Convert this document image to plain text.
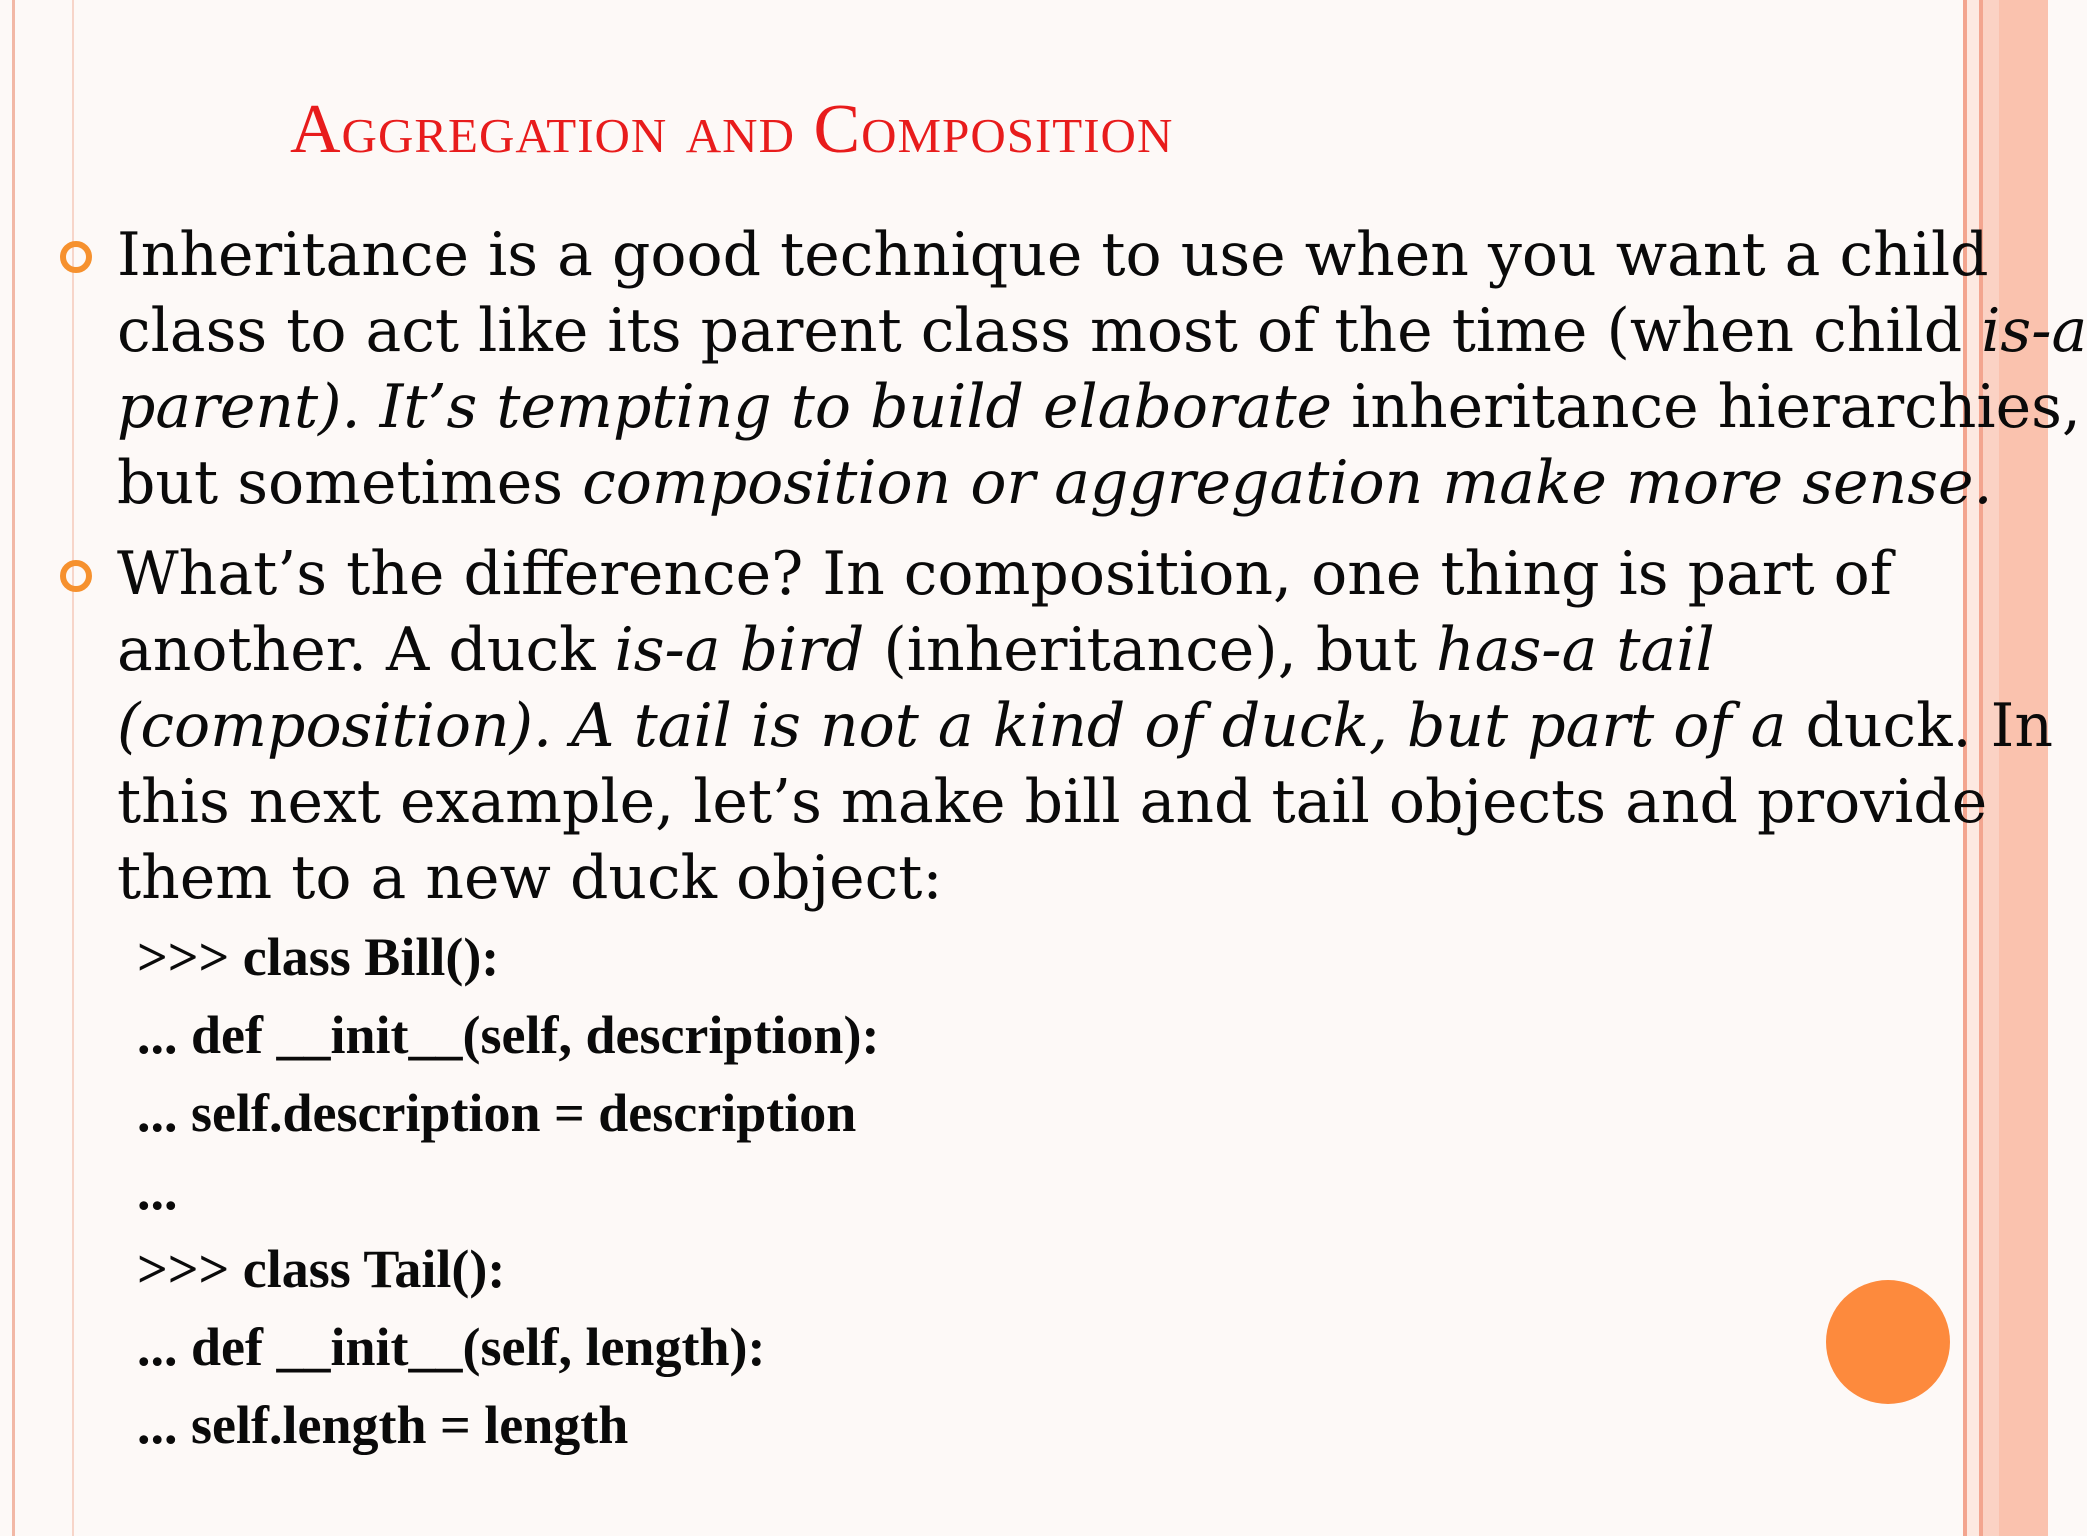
Aggregation and Composition
Inheritance is a good technique to use when you want a child
class to act like its parent class most of the time (when child is-a
parent). It’s tempting to build elaborate inheritance hierarchies,
but sometimes composition or aggregation make more sense.
What’s the difference? In composition, one thing is part of
another. A duck is-a bird (inheritance), but has-a tail
(composition). A tail is not a kind of duck, but part of a duck. In
this next example, let’s make bill and tail objects and provide
them to a new duck object:
>>> class Bill():
... def __init__(self, description):
... self.description = description
...
>>> class Tail():
... def __init__(self, length):
... self.length = length
